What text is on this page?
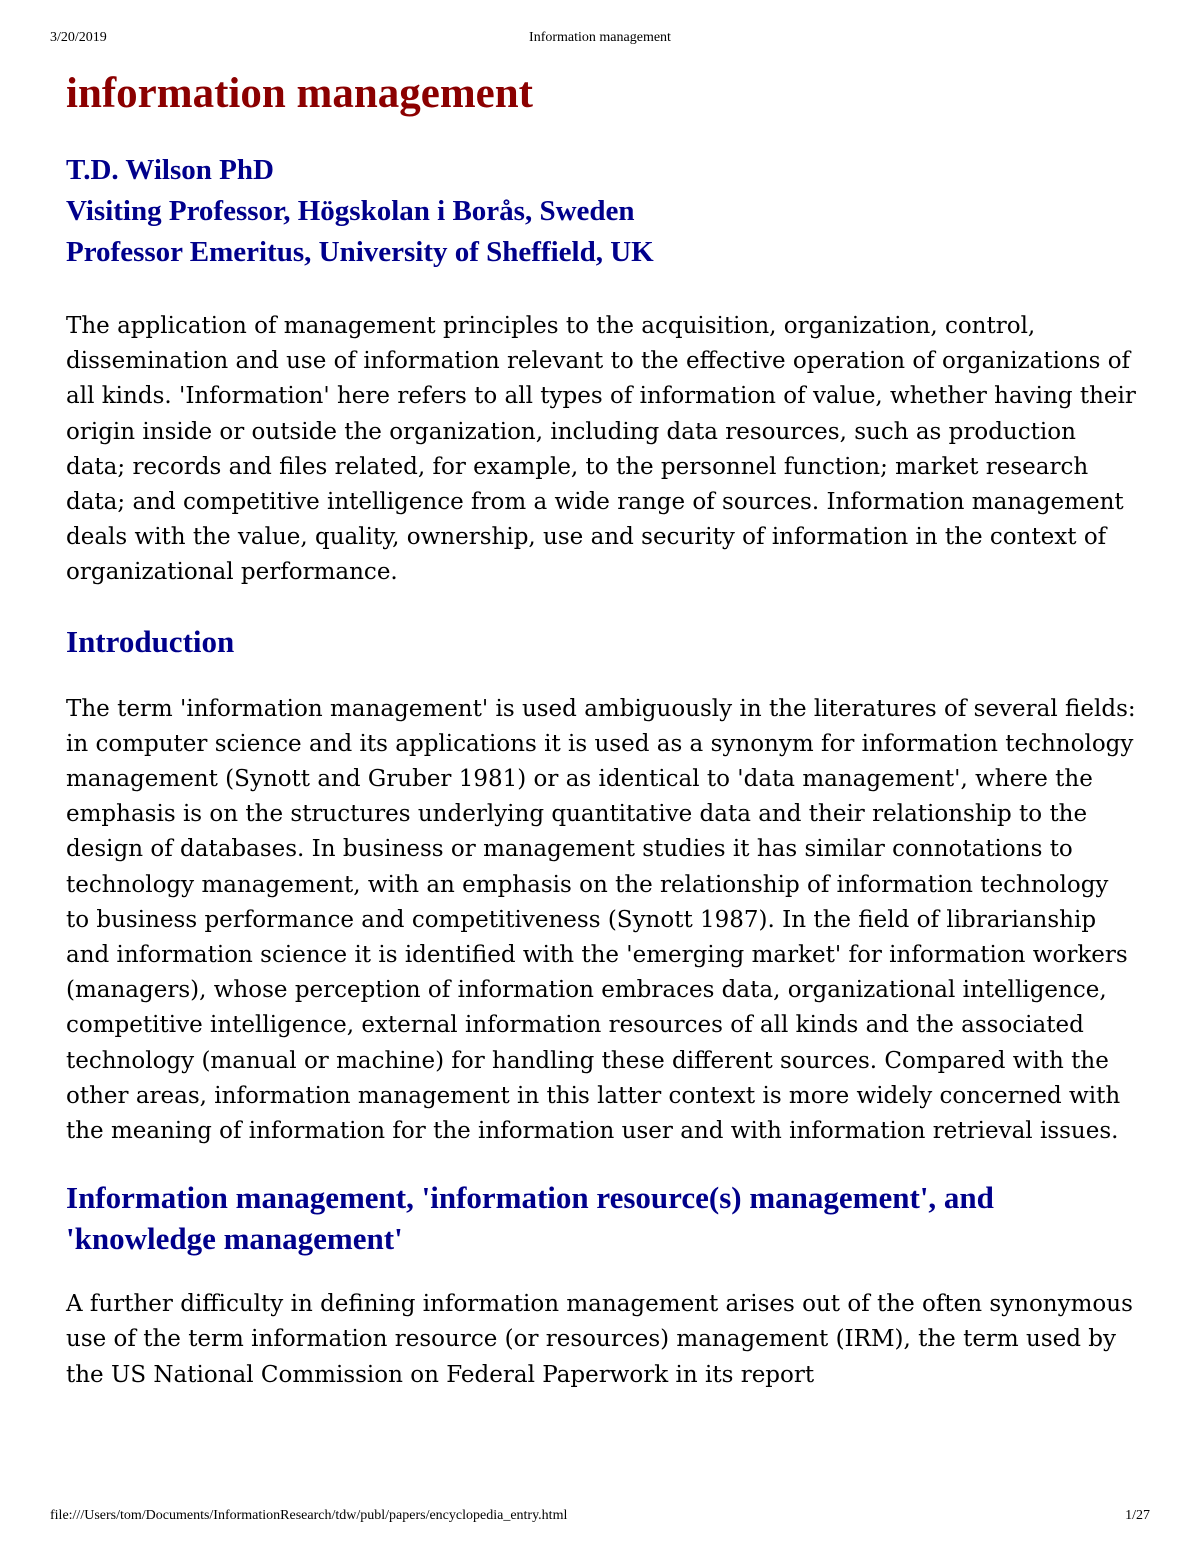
3/20/2019	Information management
information management
T.D. Wilson PhD
Visiting Professor, Högskolan i Borås, Sweden
Professor Emeritus, University of Sheffield, UK

The application of management principles to the acquisition, organization, control, dissemination and use of information relevant to the effective operation of organizations of all kinds. 'Information' here refers to all types of information of value, whether having their origin inside or outside the organization, including data resources, such as production data; records and files related, for example, to the personnel function; market research data; and competitive intelligence from a wide range of sources. Information management deals with the value, quality, ownership, use and security of information in the context of organizational performance.

Introduction

The term 'information management' is used ambiguously in the literatures of several fields: in computer science and its applications it is used as a synonym for information technology management (Synott and Gruber 1981) or as identical to 'data management', where the emphasis is on the structures underlying quantitative data and their relationship to the design of databases. In business or management studies it has similar connotations to technology management, with an emphasis on the relationship of information technology to business performance and competitiveness (Synott 1987). In the field of librarianship and information science it is identified with the 'emerging market' for information workers (managers), whose perception of information embraces data, organizational intelligence, competitive intelligence, external information resources of all kinds and the associated technology (manual or machine) for handling these different sources. Compared with the other areas, information management in this latter context is more widely concerned with the meaning of information for the information user and with information retrieval issues.

Information management, 'information resource(s) management', and 'knowledge management'

A further difficulty in defining information management arises out of the often synonymous use of the term information resource (or resources) management (IRM), the term used by the US National Commission on Federal Paperwork in its report

file:///Users/tom/Documents/InformationResearch/tdw/publ/papers/encyclopedia_entry.html	1/27
